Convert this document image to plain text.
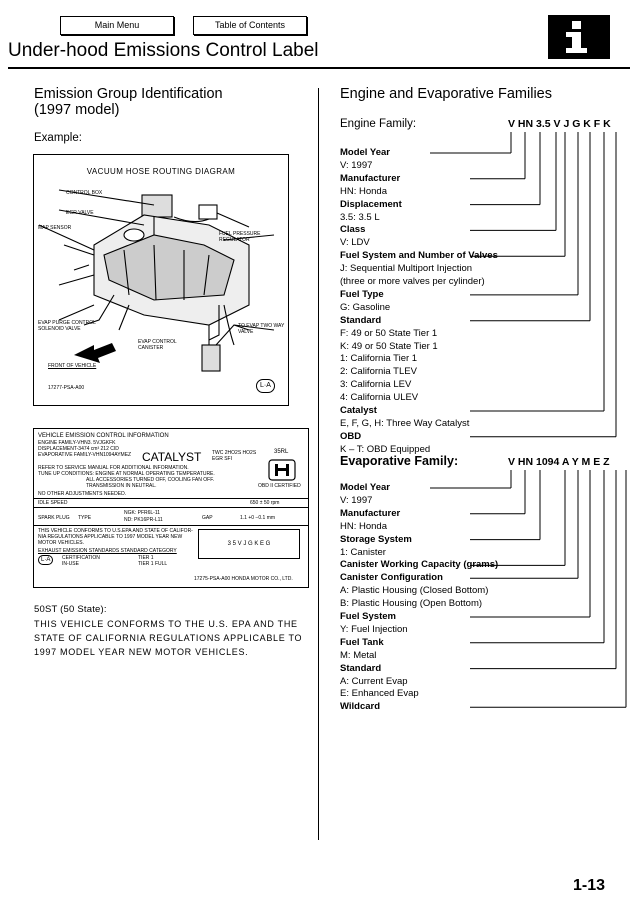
Main Menu	Table of Contents
Under-hood Emissions Control Label
Emission Group Identification
(1997 model)
Example:
VACUUM HOSE ROUTING DIAGRAM
CONTROL BOX
EGR VALVE
MAP SENSOR
FUEL PRESSURE REGULATOR
EVAP PURGE CONTROL SOLENOID VALVE	TO EVAP TWO WAY VALVE
EVAP CONTROL CANISTER
FRONT OF VEHICLE
17277-PSA-A00	L·A
VEHICLE EMISSION CONTROL INFORMATION
ENGINE FAMILY-VHN3. 5VJGKFK
DISPLACEMENT-3474 cm³ 212 CID
EVAPORATIVE FAMILY-VHN1094AYMEZ CATALYST TWC 2HO2S HO2S EGR SFI
35RL
REFER TO SERVICE MANUAL FOR ADDITIONAL INFORMATION.
TUNE UP CONDITIONS: ENGINE AT NORMAL OPERATING TEMPERATURE.
ALL ACCESSORIES TURNED OFF, COOLING FAN OFF.
TRANSMISSION IN NEUTRAL.	OBD II CERTIFIED
NO OTHER ADJUSTMENTS NEEDED.
IDLE SPEED	650 ± 50 rpm
SPARK PLUG TYPE
NGK: PFR6L-11
ND: PK16PR-L11	GAP	1.1 +0 −0.1 mm
THIS VEHICLE CONFORMS TO U.S.EPA AND STATE OF CALIFOR-
NIA REGULATIONS APPLICABLE TO 1997 MODEL YEAR NEW
MOTOR VEHICLES.	3 5 V J G K E G
EXHAUST EMISSION STANDARDS STANDARD CATEGORY
L·A	CERTIFICATION	TIER 1
IN-USE	TIER 1 FULL
17275-PSA-A00 HONDA MOTOR CO., LTD.
50ST (50 State):
THIS VEHICLE CONFORMS TO THE U.S. EPA AND THE
STATE OF CALIFORNIA REGULATIONS APPLICABLE TO
1997 MODEL YEAR NEW MOTOR VEHICLES.
Engine and Evaporative Families
Engine Family:	V HN 3.5 V J G K F K
Model Year
V: 1997
Manufacturer
HN: Honda
Displacement
3.5: 3.5 L
Class
V: LDV
Fuel System and Number of Valves
J: Sequential Multiport Injection
(three or more valves per cylinder)
Fuel Type
G: Gasoline
Standard
F: 49 or 50 State Tier 1
K: 49 or 50 State Tier 1
1: California Tier 1
2: California TLEV
3: California LEV
4: California ULEV
Catalyst
E, F, G, H: Three Way Catalyst
OBD
K – T: OBD Equipped
Evaporative Family:	V HN 1094 A Y M E Z
Model Year
V: 1997
Manufacturer
HN: Honda
Storage System
1: Canister
Canister Working Capacity (grams)
Canister Configuration
A: Plastic Housing (Closed Bottom)
B: Plastic Housing (Open Bottom)
Fuel System
Y: Fuel Injection
Fuel Tank
M: Metal
Standard
A: Current Evap
E: Enhanced Evap
Wildcard
1-13
